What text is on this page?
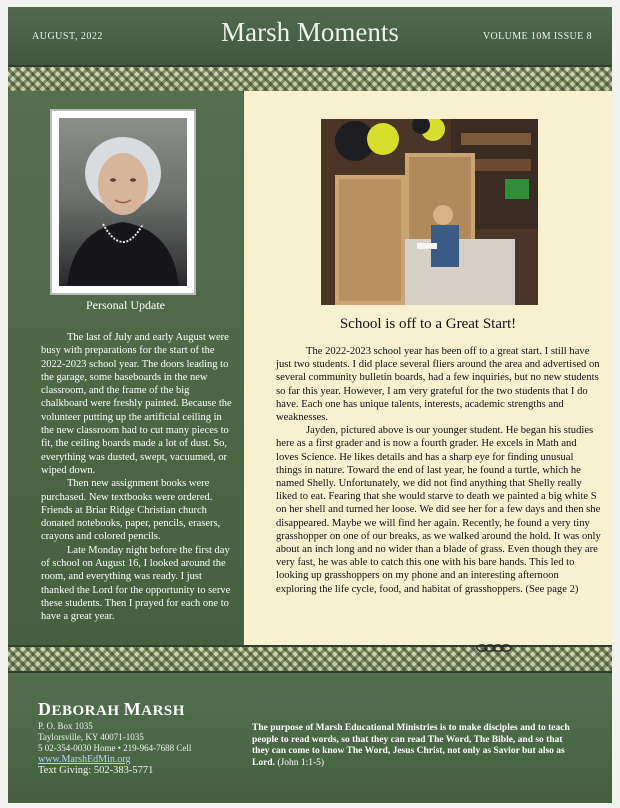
AUGUST, 2022	Marsh Moments	VOLUME 10M ISSUE 8
Personal Update

The last of July and early August were busy with preparations for the start of the 2022-2023 school year. The doors leading to the garage, some baseboards in the new classroom, and the frame of the big chalkboard were freshly painted. Because the volunteer putting up the artificial ceiling in the new classroom had to cut many pieces to fit, the ceiling boards made a lot of dust. So, everything was dusted, swept, vacuumed, or wiped down.

Then new assignment books were purchased. New textbooks were ordered. Friends at Briar Ridge Christian church donated notebooks, paper, pencils, erasers, crayons and colored pencils.

Late Monday night before the first day of school on August 16, I looked around the room, and everything was ready. I just thanked the Lord for the opportunity to serve these students. Then I prayed for each one to have a great year.

School is off to a Great Start!

The 2022-2023 school year has been off to a great start. I still have just two students. I did place several fliers around the area and advertised on several community bulletin boards, had a few inquiries, but no new students so far this year. However, I am very grateful for the two students that I do have. Each one has unique talents, interests, academic strengths and weaknesses.

Jayden, pictured above is our younger student. He began his studies here as a first grader and is now a fourth grader. He excels in Math and loves Science. He likes details and has a sharp eye for finding unusual things in nature. Toward the end of last year, he found a turtle, which he named Shelly. Unfortunately, we did not find anything that Shelly really liked to eat. Fearing that she would starve to death we painted a big white S on her shell and turned her loose. We did see her for a few days and then she disappeared. Maybe we will find her again. Recently, he found a very tiny grasshopper on one of our breaks, as we walked around the hold. It was only about an inch long and no wider than a blade of grass. Even though they are very fast, he was able to catch this one with his bare hands. This led to looking up grasshoppers on my phone and an interesting afternoon exploring the life cycle, food, and habitat of grasshoppers. (See page 2)

DEBORAH MARSH
P. O. Box 1035
Taylorsville, KY 40071-1035
5 02-354-0030 Home • 219-964-7688 Cell
www.MarshEdMin.org
Text Giving: 502-383-5771
The purpose of Marsh Educational Ministries is to make disciples and to teach people to read words, so that they can read The Word, The Bible, and so that they can come to know The Word, Jesus Christ, not only as Savior but also as Lord. (John 1:1-5)
